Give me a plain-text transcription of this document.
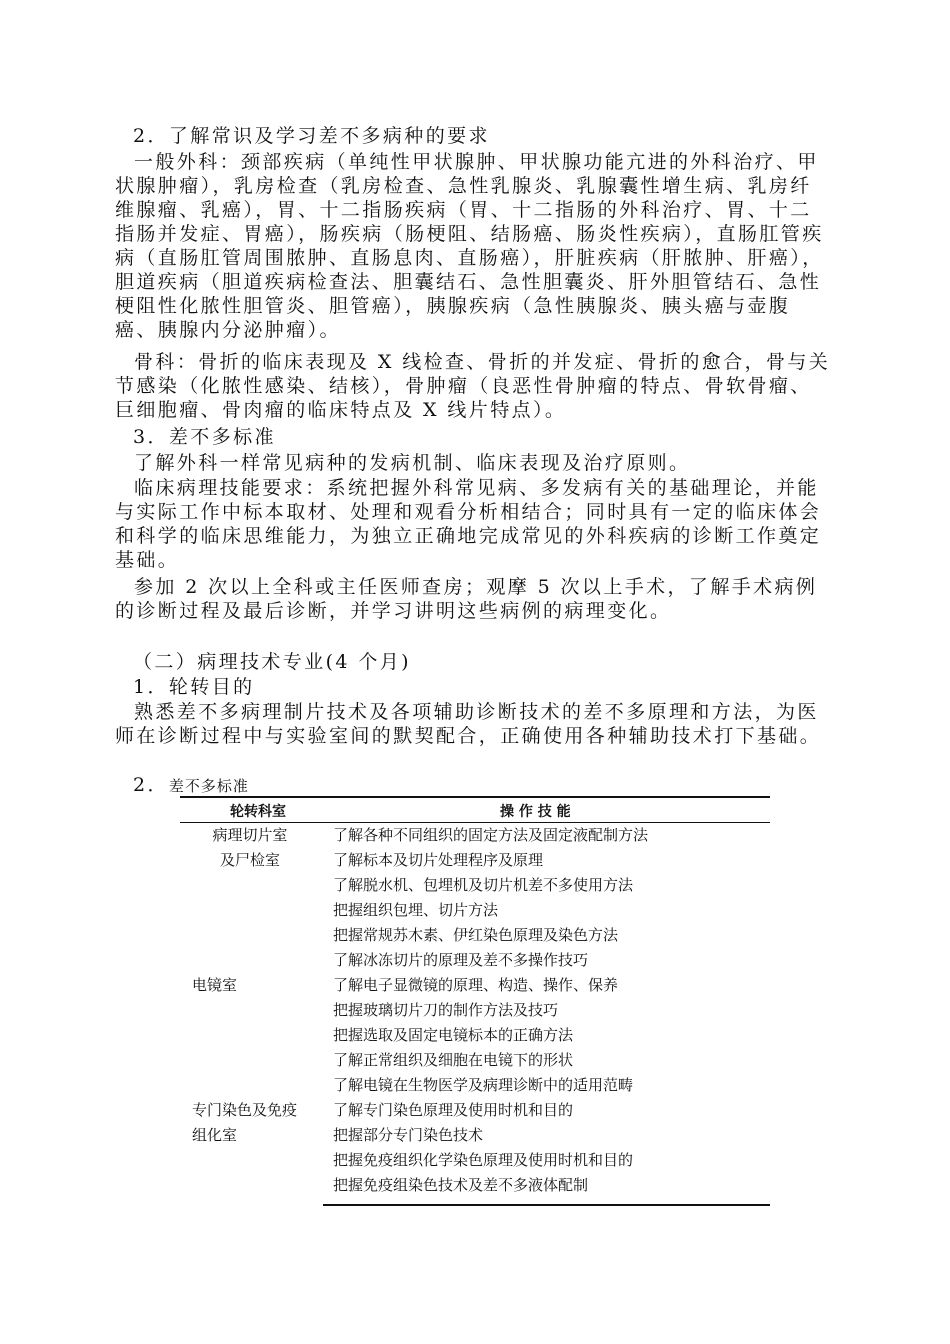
2．了解常识及学习差不多病种的要求

一般外科：颈部疾病（单纯性甲状腺肿、甲状腺功能亢进的外科治疗、甲状腺肿瘤），乳房检查（乳房检查、急性乳腺炎、乳腺囊性增生病、乳房纤维腺瘤、乳癌），胃、十二指肠疾病（胃、十二指肠的外科治疗、胃、十二指肠并发症、胃癌），肠疾病（肠梗阻、结肠癌、肠炎性疾病），直肠肛管疾病（直肠肛管周围脓肿、直肠息肉、直肠癌），肝脏疾病（肝脓肿、肝癌），胆道疾病（胆道疾病检查法、胆囊结石、急性胆囊炎、肝外胆管结石、急性梗阻性化脓性胆管炎、胆管癌），胰腺疾病（急性胰腺炎、胰头癌与壶腹癌、胰腺内分泌肿瘤）。

骨科：骨折的临床表现及 X 线检查、骨折的并发症、骨折的愈合，骨与关节感染（化脓性感染、结核），骨肿瘤（良恶性骨肿瘤的特点、骨软骨瘤、巨细胞瘤、骨肉瘤的临床特点及 X 线片特点）。

3．差不多标准

了解外科一样常见病种的发病机制、临床表现及治疗原则。

临床病理技能要求：系统把握外科常见病、多发病有关的基础理论，并能与实际工作中标本取材、处理和观看分析相结合；同时具有一定的临床体会和科学的临床思维能力，为独立正确地完成常见的外科疾病的诊断工作奠定基础。

参加 2 次以上全科或主任医师查房；观摩 5 次以上手术，了解手术病例的诊断过程及最后诊断，并学习讲明这些病例的病理变化。

（二）病理技术专业(4 个月)

1．轮转目的

熟悉差不多病理制片技术及各项辅助诊断技术的差不多原理和方法，为医师在诊断过程中与实验室间的默契配合，正确使用各种辅助技术打下基础。

2．差不多标准
轮转科室	操 作 技 能
病理切片室	了解各种不同组织的固定方法及固定液配制方法
及尸检室	了解标本及切片处理程序及原理
了解脱水机、包埋机及切片机差不多使用方法
把握组织包埋、切片方法
把握常规苏木素、伊红染色原理及染色方法
了解冰冻切片的原理及差不多操作技巧
电镜室	了解电子显微镜的原理、构造、操作、保养
把握玻璃切片刀的制作方法及技巧
把握选取及固定电镜标本的正确方法
了解正常组织及细胞在电镜下的形状
了解电镜在生物医学及病理诊断中的适用范畴
专门染色及免疫	了解专门染色原理及使用时机和目的
组化室	把握部分专门染色技术
把握免疫组织化学染色原理及使用时机和目的
把握免疫组染色技术及差不多液体配制
